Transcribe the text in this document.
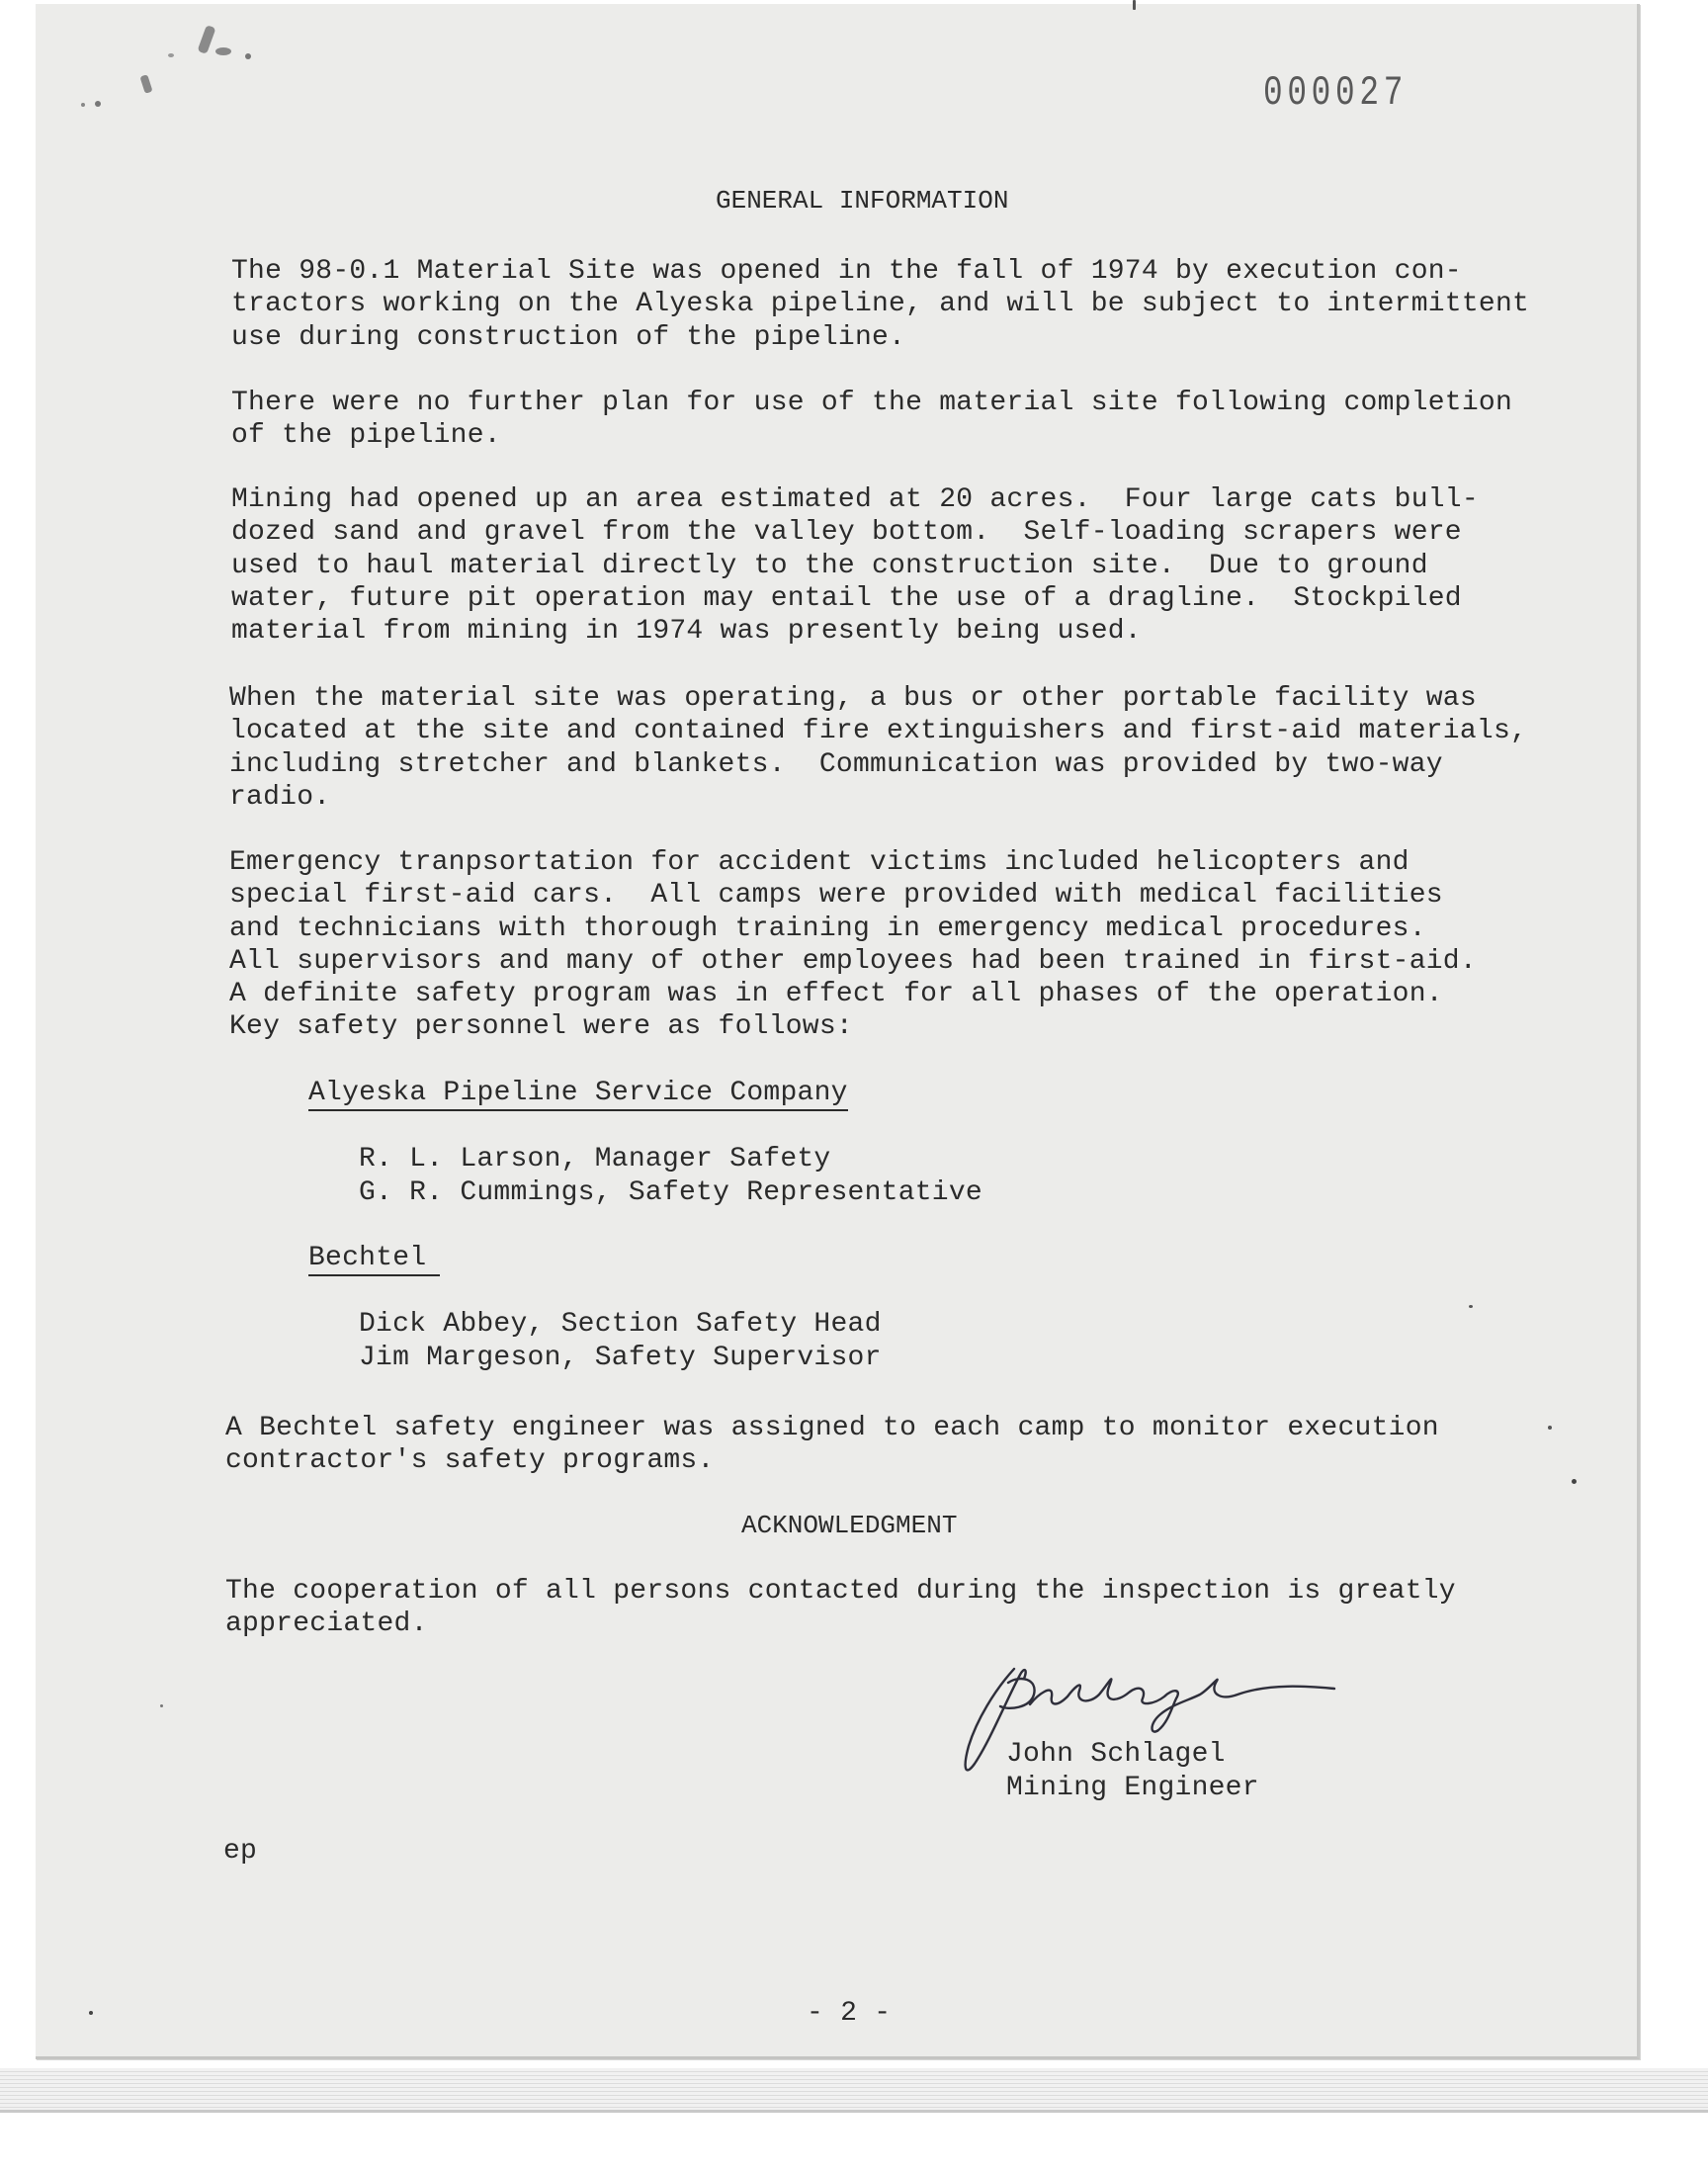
000027
GENERAL INFORMATION
The 98-0.1 Material Site was opened in the fall of 1974 by execution con-
tractors working on the Alyeska pipeline, and will be subject to intermittent
use during construction of the pipeline.
There were no further plan for use of the material site following completion
of the pipeline.
Mining had opened up an area estimated at 20 acres.  Four large cats bull-
dozed sand and gravel from the valley bottom.  Self-loading scrapers were
used to haul material directly to the construction site.  Due to ground
water, future pit operation may entail the use of a dragline.  Stockpiled
material from mining in 1974 was presently being used.
When the material site was operating, a bus or other portable facility was
located at the site and contained fire extinguishers and first-aid materials,
including stretcher and blankets.  Communication was provided by two-way
radio.
Emergency tranpsortation for accident victims included helicopters and
special first-aid cars.  All camps were provided with medical facilities
and technicians with thorough training in emergency medical procedures.
All supervisors and many of other employees had been trained in first-aid.
A definite safety program was in effect for all phases of the operation.
Key safety personnel were as follows:
Alyeska Pipeline Service Company
R. L. Larson, Manager Safety
G. R. Cummings, Safety Representative
Bechtel
Dick Abbey, Section Safety Head
Jim Margeson, Safety Supervisor
A Bechtel safety engineer was assigned to each camp to monitor execution
contractor's safety programs.
ACKNOWLEDGMENT
The cooperation of all persons contacted during the inspection is greatly
appreciated.
John Schlagel
Mining Engineer
ep
- 2 -
